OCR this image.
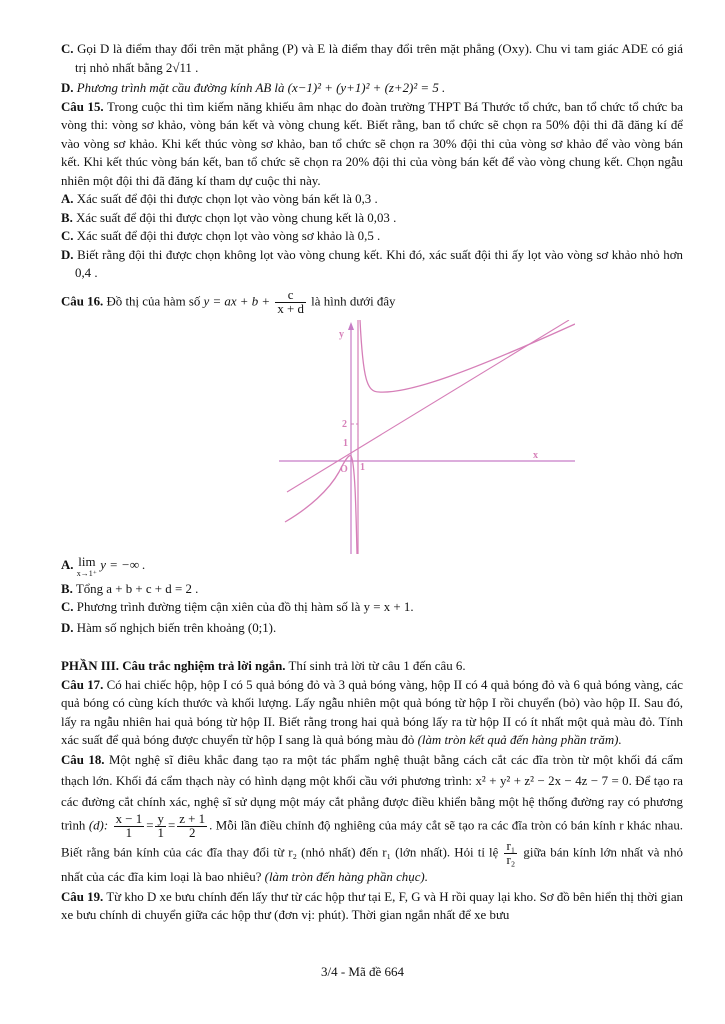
C. Gọi D là điểm thay đổi trên mặt phẳng (P) và E là điểm thay đổi trên mặt phẳng (Oxy). Chu vi tam giác ADE có giá trị nhỏ nhất bằng 2√11 .

D. Phương trình mặt cầu đường kính AB là (x−1)² + (y+1)² + (z+2)² = 5 .

Câu 15. Trong cuộc thi tìm kiếm năng khiếu âm nhạc do đoàn trường THPT Bá Thước tổ chức, ban tổ chức tổ chức ba vòng thi: vòng sơ khảo, vòng bán kết và vòng chung kết. Biết rằng, ban tổ chức sẽ chọn ra 50% đội thi đã đăng kí để vào vòng sơ khảo. Khi kết thúc vòng sơ khảo, ban tổ chức sẽ chọn ra 30% đội thi của vòng sơ khảo để vào vòng bán kết. Khi kết thúc vòng bán kết, ban tổ chức sẽ chọn ra 20% đội thi của vòng bán kết để vào vòng chung kết. Chọn ngẫu nhiên một đội thi đã đăng kí tham dự cuộc thi này.

A. Xác suất để đội thi được chọn lọt vào vòng bán kết là 0,3 .

B. Xác suất để đội thi được chọn lọt vào vòng chung kết là 0,03 .

C. Xác suất để đội thi được chọn lọt vào vòng sơ khảo là 0,5 .

D. Biết rằng đội thi được chọn không lọt vào vòng chung kết. Khi đó, xác suất đội thi ấy lọt vào vòng sơ khảo nhỏ hơn 0,4 .

Câu 16. Đồ thị của hàm số y = ax + $b + \frac{c}{x + d}$ là hình dưới đây

y
x
O 1
1
2

A. lim
x→1⁺
y = −∞ .

B. Tổng a + b + c + d = 2 .

C. Phương trình đường tiệm cận xiên của đồ thị hàm số là y = x + 1.

D. Hàm số nghịch biến trên khoảng (0;1).

PHẦN III. Câu trắc nghiệm trả lời ngắn. Thí sinh trả lời từ câu 1 đến câu 6.

Câu 17. Có hai chiếc hộp, hộp I có 5 quả bóng đỏ và 3 quả bóng vàng, hộp II có 4 quả bóng đỏ và 6 quả bóng vàng, các quả bóng có cùng kích thước và khối lượng. Lấy ngẫu nhiên một quả bóng từ hộp I rồi chuyển (bỏ) vào hộp II. Sau đó, lấy ra ngẫu nhiên hai quả bóng từ hộp II. Biết rằng trong hai quả bóng lấy ra từ hộp II có ít nhất một quả màu đỏ. Tính xác suất để quả bóng được chuyển từ hộp I sang là quả bóng màu đỏ (làm tròn kết quả đến hàng phần trăm).

Câu 18. Một nghệ sĩ điêu khắc đang tạo ra một tác phẩm nghệ thuật bằng cách cắt các đĩa tròn từ một khối đá cẩm thạch lớn. Khối đá cẩm thạch này có hình dạng một khối cầu với phương trình: x² + y² + z² − 2x − 4z − 7 = 0. Để tạo ra các đường cắt chính xác, nghệ sĩ sử dụng một máy cắt phẳng được điều khiển bằng một hệ thống đường ray có phương trình (d): $\frac{x - 1}{1} = \frac{y}{1} = \frac{z + 1}{2}$ . Mỗi lần điều chỉnh độ nghiêng của máy cắt sẽ tạo ra các đĩa tròn có bán kính r khác nhau. Biết rằng bán kính của các đĩa thay đổi từ r₂ (nhỏ nhất) đến r₁ (lớn nhất). Hỏi tỉ lệ $\frac{\text{r₁}}{\text{r₂}}$ giữa bán kính lớn nhất và nhỏ nhất của các đĩa kim loại là bao nhiêu? (làm tròn đến hàng phần chục).

Câu 19. Từ kho D xe bưu chính đến lấy thư từ các hộp thư tại E, F, G và H rồi quay lại kho. Sơ đồ bên hiển thị thời gian xe bưu chính di chuyển giữa các hộp thư (đơn vị: phút). Thời gian ngắn nhất để xe bưu

3/4 - Mã đề 664
